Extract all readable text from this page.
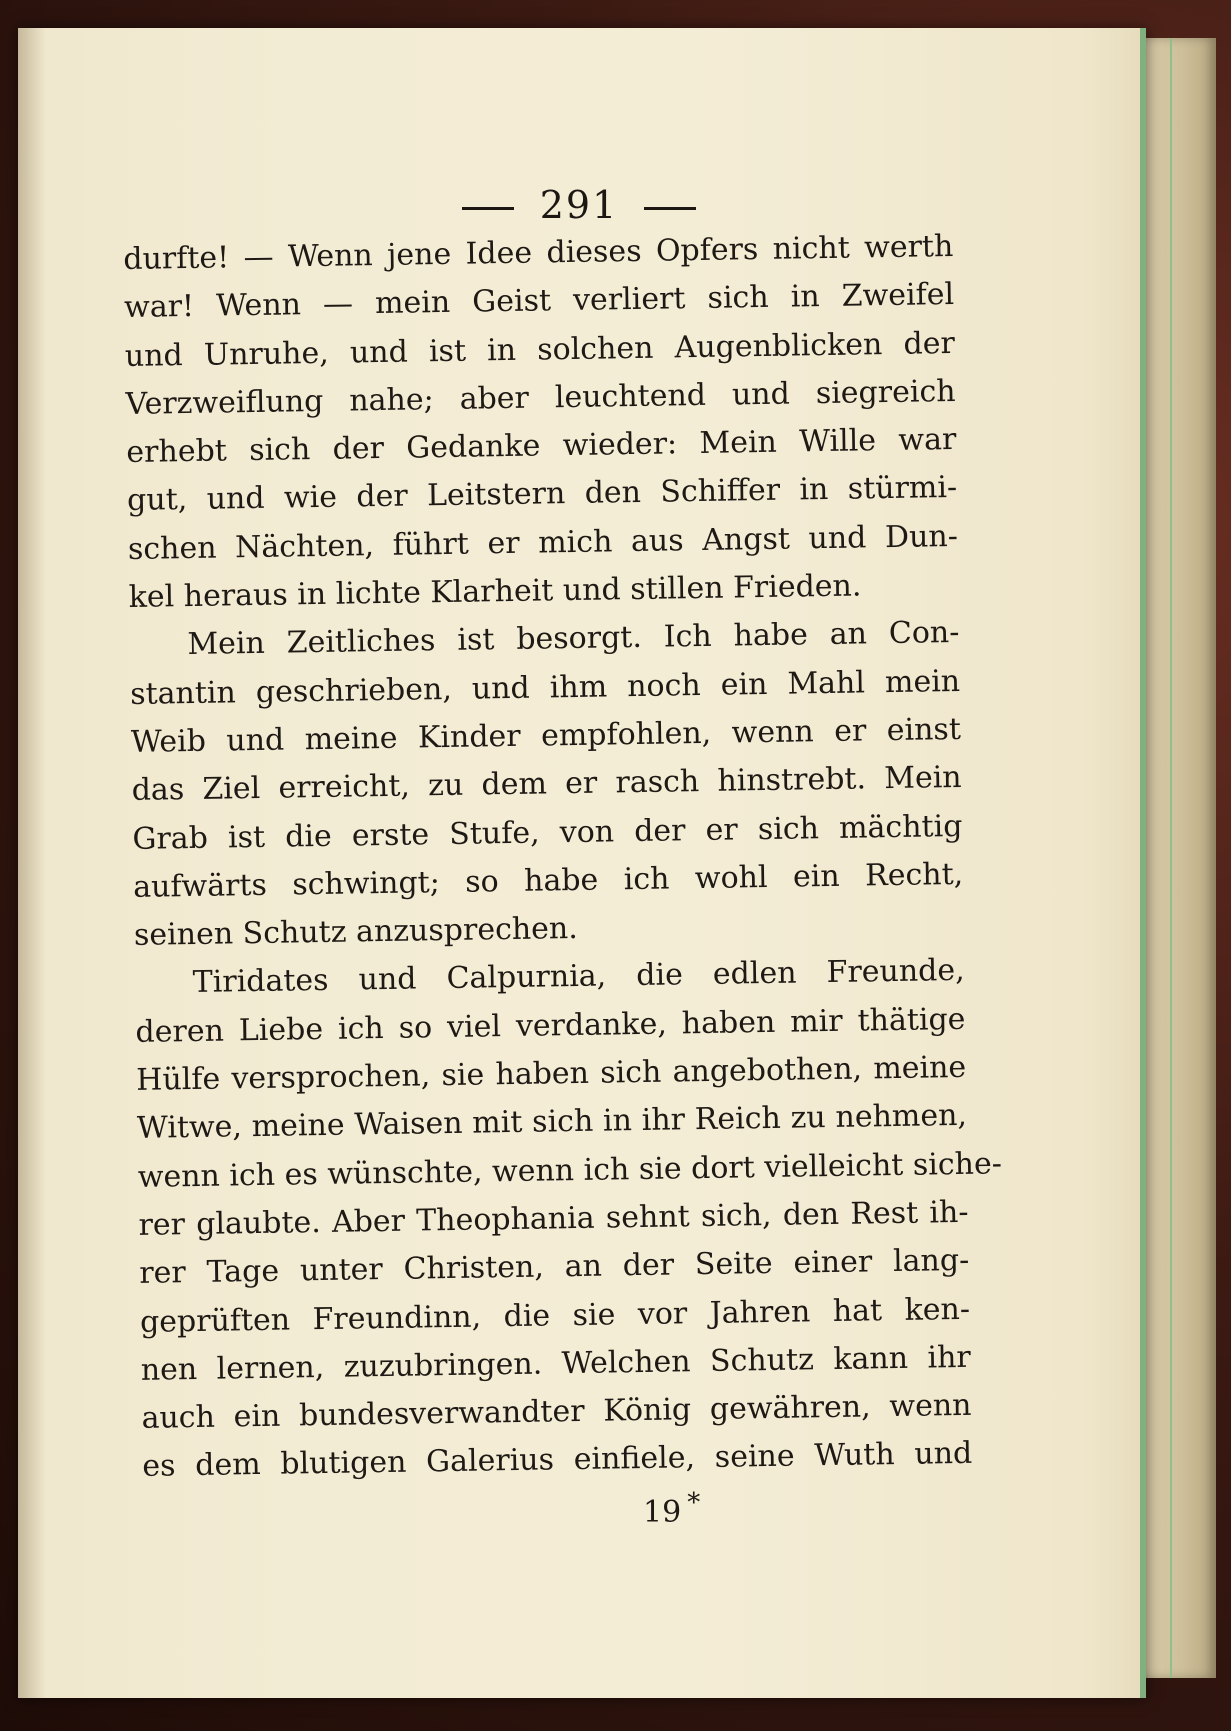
291
durfte! — Wenn jene Idee dieses Opfers nicht werth
war! Wenn — mein Geist verliert sich in Zweifel
und Unruhe, und ist in solchen Augenblicken der
Verzweiflung nahe; aber leuchtend und siegreich
erhebt sich der Gedanke wieder: Mein Wille war
gut, und wie der Leitstern den Schiffer in stürmi-
schen Nächten, führt er mich aus Angst und Dun-
kel heraus in lichte Klarheit und stillen Frieden.
Mein Zeitliches ist besorgt. Ich habe an Con-
stantin geschrieben, und ihm noch ein Mahl mein
Weib und meine Kinder empfohlen, wenn er einst
das Ziel erreicht, zu dem er rasch hinstrebt. Mein
Grab ist die erste Stufe, von der er sich mächtig
aufwärts schwingt; so habe ich wohl ein Recht,
seinen Schutz anzusprechen.
Tiridates und Calpurnia, die edlen Freunde,
deren Liebe ich so viel verdanke, haben mir thätige
Hülfe versprochen, sie haben sich angebothen, meine
Witwe, meine Waisen mit sich in ihr Reich zu nehmen,
wenn ich es wünschte, wenn ich sie dort vielleicht siche-
rer glaubte. Aber Theophania sehnt sich, den Rest ih-
rer Tage unter Christen, an der Seite einer lang-
geprüften Freundinn, die sie vor Jahren hat ken-
nen lernen, zuzubringen. Welchen Schutz kann ihr
auch ein bundesverwandter König gewähren, wenn
es dem blutigen Galerius einfiele, seine Wuth und
19 *
